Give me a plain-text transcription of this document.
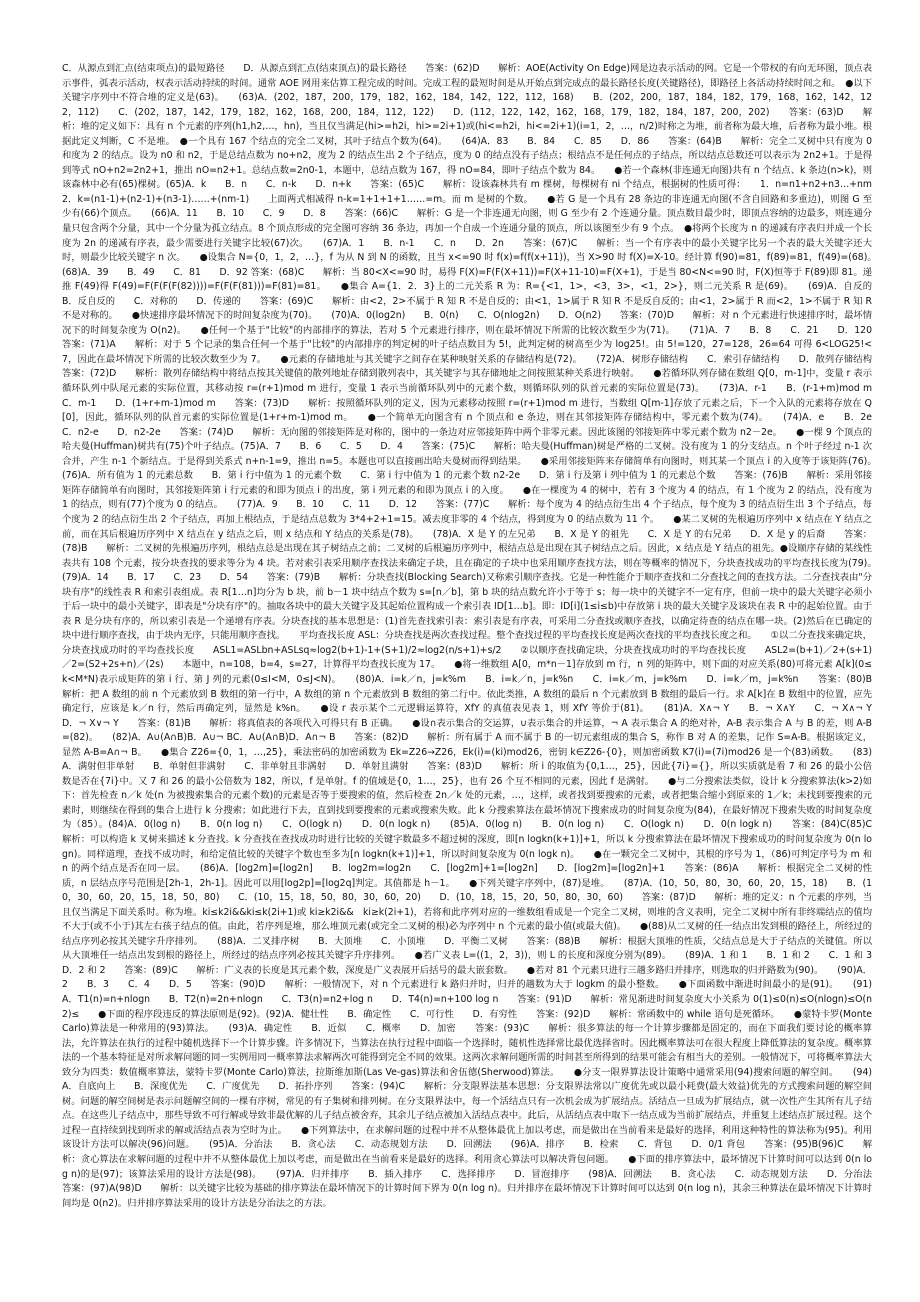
C．从源点到汇点(结束项点)的最短路径　　D．从源点到汇点(结束顶点)的最长路径　　答案：(62)D　　解析：AOE(Activity On Edge)网是边表示活动的网。它是一个带权的有向无环图，顶点表示事件，弧表示活动，权表示活动持续的时间。通常 AOE 网用来估算工程完成的时间。完成工程的最短时间是从开始点到完成点的最长路径长度(关键路径)，即路径上各活动持续时间之和。　●以下关键字序列中不符合堆的定义是(63)。　　(63)A．(202，187，200，179，182，162，184，142，122，112，168)　　B．(202，200，187，184，182，179，168，162，142，122，112)　　C．(202，187，142，179，182，162，168，200，184，112，122)　　D．(112，122，142，162，168，179，182，184，187，200，202)　　答案：(63)D　　解析：堆的定义如下：具有 n 个元素的序列(h1,h2,…，hn)，当且仅当满足(hi>=h2i，hi>=2i+1)或(hi<=h2i，hi<=2i+1)(i=1，2，…，n/2)时称之为堆，前者称为最大堆，后者称为最小堆。根据此定义判断，C 不是堆。　●一个具有 167 个结点的完全二叉树，其叶子结点个数为(64)。　　(64)A．83　　B．84　　C．85　　D．86　　答案：(64)B　　解析：完全二叉树中只有度为 0 和度为 2 的结点。设为 n0 和 n2，于是总结点数为 no+n2，度为 2 的结点生出 2 个子结点，度为 0 的结点没有子结点；根结点不是任何点的子结点，所以结点总数还可以表示为 2n2+1。于是得到等式 nO+n2=2n2+1，推出 nO=n2+1。总结点数=2n0-1，本题中，总结点数为 167，得 nO=84，即叶子结点个数为 84。　　●若一个森林(非连通无向图)共有 n 个结点、k 条边(n>k)，则该森林中必有(65)棵树。(65)A．k　　B．n　　C．n-k　　D．n+k　　答案：(65)C　　解析：设该森林共有 m 棵树，每棵树有 ni 个结点，根据树的性质可得：　　1．n=n1+n2+n3…+nm　　2．k=(n1-1)+(n2-1)+(n3-1)……+(nm-1)　　上面两式相减得 n-k=1+1+1+1……=m。而 m 是树的个数。　　●若 G 是一个具有 28 条边的非连通无向图(不含自回路和多重边)，则图 G 至少有(66)个顶点。　　(66)A．11　　B．10　　C．9　　D．8　　答案：(66)C　　解析：G 是一个非连通无向图，则 G 至少有 2 个连通分量。顶点数目最少时，即顶点容纳的边最多，则连通分量只包含两个分量，其中一个分量为孤立结点。8 个顶点形成的完全图可容纳 36 条边，再加一个自成一个连通分量的顶点，所以该图至少有 9 个点。　●将两个长度为 n 的递减有序表归并成一个长度为 2n 的递减有序表，最少需要进行关键字比较(67)次。　　(67)A．1　　B．n-1　　C．n　　D．2n　　答案：(67)C　　解析：当一个有序表中的最小关键字比另一个表的最大关键字还大时，则最少比较关键字 n 次。　　●设集合 N={0，1，2，…}，f 为从 N 到 N 的函数，且当 x<=90 时 f(x)=f(f(x+11))，当 X>90 时 f(X)=X-10。经计算 f(90)=81，f(89)=81，f(49)=(68)。　　(68)A．39　　B．49　　C．81　　D．92 答案：(68)C　　解析：当 80<X<=90 时，易得 F(X)=F(F(X+11))=F(X+11-10)=F(X+1)，于是当 80<N<=90 时，F(X)恒等于 F(89)即 81。递推 F(49)得 F(49)=F(F(F(F(82))))=F(F(F(81)))=F(81)=81。　　●集合 A={1．2．3}上的二元关系 R 为：R={<1，1>，<3，3>，<1，2>}，则二元关系 R 是(69)。　　(69)A．自反的　　B．反自反的　　C．对称的　　D．传递的　　答案：(69)C　　解析：由<2，2>不属于 R 知 R 不是自反的；由<1，1>属于 R 知 R 不是反自反的；由<1，2>属于 R 而<2，1>不属于 R 知 R 不是对称的。　　●快速排序最坏情况下的时间复杂度为(70)。　　(70)A．0(log2n)　　B．0(n)　　C．O(nlog2n)　　D．O(n2)　　答案：(70)D　　解析：对 n 个元素进行快速排序时，最坏情况下的时间复杂度为 O(n2)。　　●任何一个基于"比较"的内部排序的算法，若对 5 个元素进行排序，则在最坏情况下所需的比较次数至少为(71)。　　(71)A．7　　B．8　　C．21　　D．120　　答案：(71)A　　解析：对于 5 个记录的集合任何一个基于"比较"的内部排序的判定树的叶子结点数目为 5!，此判定树的树高至少为 log25!。由 5!=120，27=128，26=64 可得 6<LOG25!<7，因此在最坏情况下所需的比较次数至少为 7。　　●元素的存储地址与其关键字之间存在某种映射关系的存储结构是(72)。　　(72)A．树形存储结构　　C．索引存储结构　　D．散列存储结构　　答案：(72)D　　解析：散列存储结构中将结点按其关键值的散列地址存储到散列表中，其关键字与其存储地址之间按照某种关系进行映射。　　●若循环队列存储在数组 Q[0，m-1]中，变量 r 表示循环队列中队尾元素的实际位置，其移动按 r=(r+1)mod m 进行，变量 1 表示当前循环队列中的元素个数，则循环队列的队首元素的实际位置是(73)。　　(73)A．r-1　　B．(r-1+m)mod m　　C．m-1　　D．(1+r+m-1)mod m　　答案：(73)D　　解析：按照循环队列的定义，因为元素移动按照 r=(r+1)mod m 进行，当数组 Q[m-1]存放了元素之后，下一个入队的元素将存放在 Q[0]，因此，循环队列的队首元素的实际位置是(1+r+m-1)mod m。　　●一个简单无向图含有 n 个顶点和 e 条边，则在其邻接矩阵存储结构中，零元素个数为(74)。　　(74)A．e　　B．2e　　C．n2-e　　D．n2-2e　　答案：(74)D　　解析：无向图的邻接矩阵是对称的，图中的一条边对应邻接矩阵中两个非零元素。因此该图的邻接矩阵中零元素个数为 n2－2e。　　●一棵 9 个顶点的哈夫曼(Huffman)树共有(75)个叶子结点。(75)A．7　　B．6　　C．5　　D．4　　答案：(75)C　　解析：哈夫曼(Huffman)树是严格的二叉树。没有度为 1 的分支结点。n 个叶子经过 n-1 次合并，产生 n-1 个新结点。于是得到关系式 n+n-1=9，推出 n=5。本题也可以直接画出哈夫曼树而得到结果。　　●采用邻接矩阵来存储简单有向图时，则其某一个顶点 i 的入度等于该矩阵(76)。　　(76)A．所有值为 1 的元素总数　　B．第 i 行中值为 1 的元素个数　　C．第 i 行中值为 1 的元素个数 n2-2e　　D．第 i 行及第 i 列中值为 1 的元素总个数　　答案：(76)B　　解析：采用邻接矩阵存储简单有向图时，其邻接矩阵第 i 行元素的和即为顶点 i 的出度，第 i 列元素的和即为顶点 i 的入度。　　●在一棵度为 4 的树中，若有 3 个度为 4 的结点，有 1 个度为 2 的结点，没有度为 1 的结点，则有(77)个度为 0 的结点。　　(77)A．9　　B．10　　C．11　　D．12　　答案：(77)C　　解析：每个度为 4 的结点衍生出 4 个子结点，每个度为 3 的结点衍生出 3 个子结点，每个度为 2 的结点衍生出 2 个子结点，再加上根结点，于是结点总数为 3*4+2+1=15。减去度非零的 4 个结点，得到度为 0 的结点数为 11 个。　　●某二叉树的先根遍历序列中 x 结点在 Y 结点之前，而在其后根遍历序列中 X 结点在 y 结点之后，则 x 结点和 Y 结点的关系是(78)。　　(78)A．X 是 Y 的左兄弟　　B．X 是 Y 的祖先　　C．X 是 Y 的右兄弟　　D．X 是 y 的后裔　　答案：(78)B　　解析：二叉树的先根遍历序列，根结点总是出现在其子树结点之前；二叉树的后根遍历序列中，根结点总是出现在其子树结点之后。因此，x 结点是 Y 结点的祖先。●设顺序存储的某线性表共有 108 个元素，按分块查找的要求等分为 4 块。若对索引表采用顺序查找法来确定子块，且在确定的子块中也采用顺序查找方法，则在等概率的情况下，分块查找成功的平均查找长度为(79)。　　(79)A．14　　B．17　　C．23　　D．54　　答案：(79)B　　解析：分块查找(Blocking Search)又称索引顺序查找。它是一种性能介于顺序查找和二分查找之间的查找方法。二分查找表由"分块有序"的线性表 R 和索引表组成。表 R[1…n]均分为 b 块，前 b－1 块中结点个数为 s=[n／b]，第 b 块的结点数允许小于等于 s；每一块中的关键字不一定有序，但前一块中的最大关键字必须小于后一块中的最小关键字，即表是"分块有序"的。抽取各块中的最大关键字及其起始位置构成一个索引表 ID[1…b]。即：ID[i](1≤i≤b)中存放第 i 块的最大关键字及该块在表 R 中的起始位置。由于表 R 是分块有序的，所以索引表是一个递增有序表。分块查找的基本思想是：(1)首先查找索引表：索引表是有序表，可采用二分查找或顺序查找，以确定待查的结点在哪一块。(2)然后在已确定的块中进行顺序查找，由于块内无序，只能用顺序查找。　　平均查找长度 ASL：分块查找是两次查找过程。整个查找过程的平均查找长度是两次查找的平均查找长度之和。　　①以二分查找来确定块，分块查找成功时的平均查找长度　　ASL1=ASLbn+ASLsq≈log2(b+1)-1+(S+1)/2≈log2(n/s+1)+s/2　　②以顺序查找确定块，分块查找成功时的平均查找长度　　ASL2=(b+1)／2+(s+1)／2=(S2+2s+n)／(2s)　　本题中，n=108，b=4，s=27，计算得平均查找长度为 17。　　●将一维数组 A[0，m*n－1]存放到 m 行，n 列的矩阵中，则下面的对应关系(80)可将元素 A[k](0≤k<M*N)表示成矩阵的第 i 行、第 J 列的元素(0≤I<M，0≤J<N)。　　(80)A．i=k／n，j=k%m　　B．i=k／n，j=k%n　　C．i=k／m，j=k%m　　D．i=k／m，j=k%n　　答案：(80)B　　解析：把 A 数组的前 n 个元素放到 B 数组的第一行中，A 数组的第 n 个元素放到 B 数组的第二行中。依此类推，A 数组的最后 n 个元素放到 B 数组的最后一行。求 A[k]在 B 数组中的位置，应先确定行，应该是 k／n 行，然后再确定列，显然是 k%n。　　●设 r 表示某个二元逻辑运算符，XfY 的真值表见表 1，则 XfY 等价于(81)。　　(81)A．X∧¬ Y　　B．¬ X∧Y　　C．¬ X∧¬ Y　　D．¬ X∨¬ Y　　答案：(81)B　　解析：将真值表的各项代入可得只有 B 正确。　　●设∩表示集合的交运算，∪表示集合的并运算，¬ A 表示集合 A 的绝对补，A-B 表示集合 A 与 B 的差，则 A-B=(82)。　　(82)A．A∪(A∩B)B．A∪¬ BC．A∪(A∩B)D．A∩¬ B　　答案：(82)D　　解析：所有属于 A 而不属于 B 的一切元素组成的集合 S，称作 B 对 A 的差集，记作 S=A-B。根据该定义，显然 A-B=A∩¬ B。　　●集合 Z26={0，1，…,25}，乘法密码的加密函数为 Ek=Z26→Z26，Ek(i)=(ki)mod26，密钥 k∈Z26-{0}，则加密函数 K7(i)=(7i)mod26 是一个(83)函数。　　(83)A．满射但非单射　　B．单射但非满射　　C．非单射且非满射　　D．单射且满射　　答案：(83)D　　解析：所 i 的取值为{0,1…，25}，因此{7i}={}，所以实质就是看 7 和 26 的最小公倍数是否在{7i}中。又 7 和 26 的最小公倍数为 182，所以，f 是单射。f 的值域是{0，1…，25}，也有 26 个互不相同的元素，因此 f 是满射。　　●与二分搜索法类似，设计 k 分搜索算法(k>2)如下：首先检查 n／k 处(n 为被搜索集合的元素个数)的元素是否等于要搜索的值，然后检查 2n／k 处的元素，…，这样，或者找到要搜索的元素，或者把集合缩小到原来的 1／k；未找到要搜索的元素时，则继续在得到的集合上进行 k 分搜索；如此进行下去，直到找到要搜索的元素或搜索失败。此 k 分搜索算法在最坏情况下搜索成功的时间复杂度为(84)，在最好情况下搜索失败的时间复杂度为（85）。(84)A．0(log n)　　B．0(n log n)　　C．O(logk n)　　D．0(n logk n)　　(85)A．0(log n)　　B．0(n log n)　　C．O(logk n)　　D．0(n logk n)　　答案：(84)C(85)C　　解析：可以构造 k 叉树来描述 k 分查找。k 分查找在查找成功时进行比较的关键字数最多不超过树的深度，即[n logkn(k+1)]+1，所以 k 分搜索算法在最坏情况下搜索成功的时间复杂度为 0(n logn)。同样道理，查找不成功时，和给定值比较的关键字个数也至多为[n logkn(k+1)]+1，所以时间复杂度为 0(n logk n)。　　●在一颗完全二叉树中，其根的序号为 1，（86)可判定序号为 m 和 n 的两个结点是否在同一层。　　(86)A．[log2m]=[log2n]　　B．log2m=log2n　　C．[log2m]+1=[log2n]　　D．[log2m]=[log2n]+1　　答案：(86)A　　解析：根据完全二叉树的性质，n 层结点序号范围是[2h-1，2h-1]。因此可以用[log2p]=[log2q]判定。其值都是 h－1。　　●下列关键字序列中，(87)是堆。　　(87)A．(10，50，80，30，60，20，15，18)　　B．(10，30，60，20，15，18，50，80)　　C．(10，15，18，50，80，30，60，20)　　D．(10，18，15，20，50，80，30，60)　　答案：(87)D　　解析：堆的定义：n 个元素的序列，当且仅当满足下面关系时。称为堆。ki≤k2i&&ki≤k(2i+1)或 ki≥k2i&&　ki≥k(2i+1)，若将和此序列对应的一维数组看成是一个完全二叉树，则堆的含义表明，完全二叉树中所有非终端结点的值均不大于(或不小于)其左右孩子结点的值。由此，若序列是堆，那么堆顶元素(或完全二叉树的根)必为序列中 n 个元素的最小值(或最大值)。　　●(88)从二叉树的任一结点出发到根的路径上，所经过的结点序列必按其关键字升序排列。　　(88)A．二叉排序树　　B．大顶堆　　C．小顶堆　　D．平衡二叉树　　答案：(88)B　　解析：根据大顶堆的性质，父结点总是大于子结点的关键值。所以从大顶堆任一结点出发到根的路径上，所经过的结点序列必按其关键字升序排列。　　●若广义表 L=((1，2，3))，则 L 的长度和深度分别为(89)。　　(89)A．1 和 1　　B．1 和 2　　C．1 和 3　　D．2 和 2　　答案：(89)C　　解析：广义表的长度是其元素个数，深度是广义表展开后括号的最大嵌套数。　　●若对 81 个元素只进行三趟多路归并排序，则选取的归并路数为(90)。　　(90)A．2　　B．3　　C．4　　D．5　　答案：(90)D　　解析：一般情况下，对 n 个元素进行 k 路归并时，归并的趟数为大于 logkm 的最小整数。　　●下面函数中渐进时间最小的是(91)。　　(91)A．T1(n)=n+nlogn　　B．T2(n)=2n+nlogn　　C．T3(n)=n2+log n　　D．T4(n)=n+100 log n　　答案：(91)D　　解析：常见渐进时间复杂度大小关系为 0(1)≤0(n)≤O(nlogn)≤O(n2)≤　　●下面的程序段违反的算法原则是(92)。(92)A．健壮性　　B．确定性　　C．可行性　　D．有穷性　　答案：(92)D　　解析：常函数中的 while 语句是死循环。　　●蒙特卡罗(Monte Carlo)算法是一种常用的(93)算法。　　(93)A．确定性　　B．近似　　C．概率　　D．加密　　答案：(93)C　　解析：很多算法的每一个计算步骤都是固定的，而在下面我们要讨论的概率算法，允许算法在执行的过程中随机选择下一个计算步骤。许多情况下，当算法在执行过程中面临一个选择时，随机性选择常比最优选择省时。因此概率算法可在很大程度上降低算法的复杂度。概率算法的一个基本特征是对所求解问题的同一实例用同一概率算法求解两次可能得到完全不同的效果。这两次求解问题所需的时间甚至所得到的结果可能会有相当大的差别。一般情况下，可将概率算法大致分为四类：数值概率算法，蒙特卡罗(Monte Carlo)算法，拉斯维加斯(Las Ve-gas)算法和舍伍德(Sherwood)算法。　　●分支一限界算法设计策略中通常采用(94)搜索问题的解空间。　　(94)A．自底向上　　B．深度优先　　C．广度优先　　D．拓扑序列　　答案：(94)C　　解析：分支限界法基本思想：分支限界法常以广度优先或以最小耗费(最大效益)优先的方式搜索问题的解空间树。问题的解空间树是表示问题解空间的一棵有序树，常见的有子集树和排列树。在分支限界法中，每一个活结点只有一次机会成为扩展结点。活结点一旦成为扩展结点，就一次性产生其所有儿子结点。在这些儿子结点中，那些导致不可行解或导致非最优解的儿子结点被舍弃，其余儿子结点被加入活结点表中。此后，从活结点表中取下一结点成为当前扩展结点，并重复上述结点扩展过程。这个过程一直持续到找到所求的解或活结点表为空时为止。　　●下列算法中，在求解问题的过程中并不从整体最优上加以考虑，而是做出在当前看来是最好的选择，利用这种特性的算法称为(95)。利用该设计方法可以解决(96)问题。　　(95)A．分治法　　B．贪心法　　C．动态规划方法　　D．回溯法　　(96)A．排序　　B．检索　　C．背包　　D．0/1 背包　　答案：(95)B(96)C　　解析：贪心算法在求解问题的过程中并不从整体最优上加以考虑，而是做出在当前看来是最好的选择。利用贪心算法可以解决背包问题。　　●下面的排序算法中，最坏情况下计算时间可以达到 0(n log n)的是(97)；该算法采用的设计方法是(98)。　　(97)A．归并排序　　B．插入排序　　C．选择排序　　D．冒泡排序　　(98)A．回溯法　　B．贪心法　　C．动态规划方法　　D．分治法　　答案：(97)A(98)D　　解析：以关键字比较为基础的排序算法在最坏情况下的计算时间下界为 0(n log n)。归并排序在最坏情况下计算时间可以达到 0(n log n)，其余三种算法在最坏情况下计算时间均是 0(n2)。归并排序算法采用的设计方法是分治法之的方法。
